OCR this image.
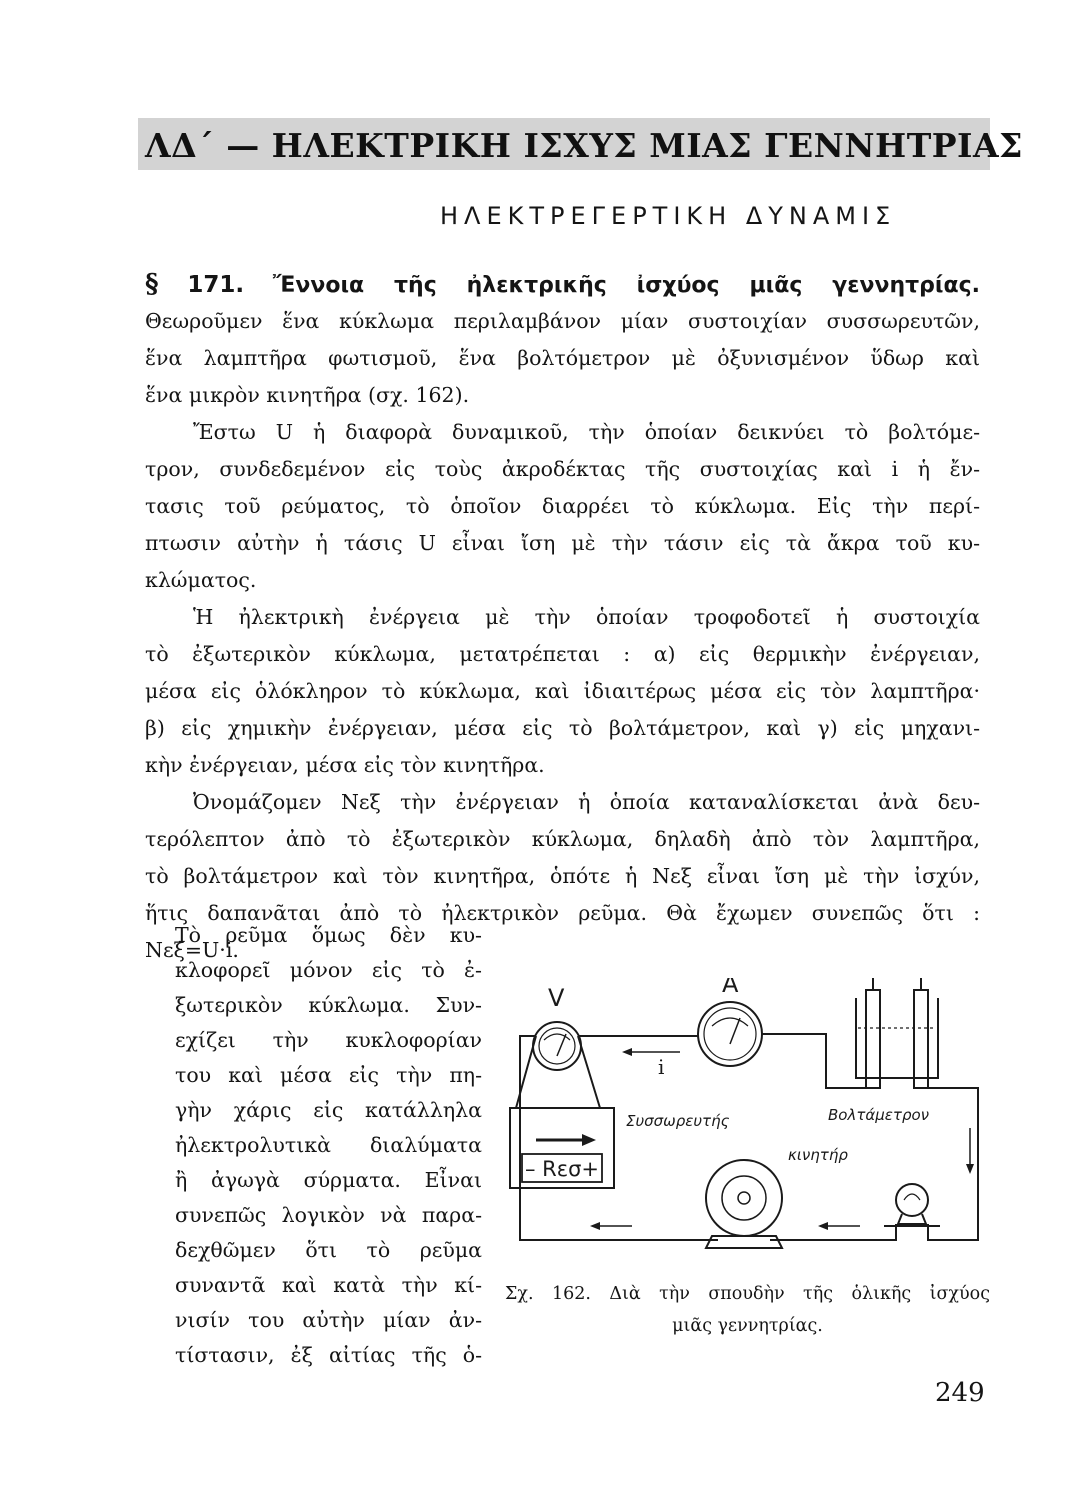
ΛΔ΄ — ΗΛΕΚΤΡΙΚΗ ΙΣΧΥΣ ΜΙΑΣ ΓΕΝΝΗΤΡΙΑΣ
ΗΛΕΚΤΡΕΓΕΡΤΙΚΗ ΔΥΝΑΜΙΣ
§ 171. Ἔννοια τῆς ἠλεκτρικῆς ἰσχύος μιᾶς γεννητρίας.
Θεωροῦμεν ἕνα κύκλωμα περιλαμβάνον μίαν συστοιχίαν συσσωρευτῶν,
ἕνα λαμπτῆρα φωτισμοῦ, ἕνα βολτόμετρον μὲ ὀξυνισμένον ὕδωρ καὶ
ἕνα μικρὸν κινητῆρα (σχ. 162).
Ἔστω U ἡ διαφορὰ δυναμικοῦ, τὴν ὁποίαν δεικνύει τὸ βολτόμε-
τρον, συνδεδεμένον εἰς τοὺς ἀκροδέκτας τῆς συστοιχίας καὶ i ἡ ἔν-
τασις τοῦ ρεύματος, τὸ ὁποῖον διαρρέει τὸ κύκλωμα. Εἰς τὴν περί-
πτωσιν αὐτὴν ἡ τάσις U εἶναι ἴση μὲ τὴν τάσιν εἰς τὰ ἄκρα τοῦ κυ-
κλώματος.
Ἡ ἠλεκτρικὴ ἐνέργεια μὲ τὴν ὁποίαν τροφοδοτεῖ ἡ συστοιχία
τὸ ἐξωτερικὸν κύκλωμα, μετατρέπεται : α) εἰς θερμικὴν ἐνέργειαν,
μέσα εἰς ὁλόκληρον τὸ κύκλωμα, καὶ ἰδιαιτέρως μέσα εἰς τὸν λαμπτῆρα·
β) εἰς χημικὴν ἐνέργειαν, μέσα εἰς τὸ βολτάμετρον, καὶ γ) εἰς μηχανι-
κὴν ἐνέργειαν, μέσα εἰς τὸν κινητῆρα.
Ὀνομάζομεν Νεξ τὴν ἐνέργειαν ἡ ὁποία καταναλίσκεται ἀνὰ δευ-
τερόλεπτον ἀπὸ τὸ ἐξωτερικὸν κύκλωμα, δηλαδὴ ἀπὸ τὸν λαμπτῆρα,
τὸ βολτάμετρον καὶ τὸν κινητῆρα, ὁπότε ἡ Νεξ εἶναι ἴση μὲ τὴν ἰσχύν,
ἥτις δαπανᾶται ἀπὸ τὸ ἠλεκτρικὸν ρεῦμα. Θὰ ἔχωμεν συνεπῶς ὅτι :
Νεξ=U·i.
Τὸ ρεῦμα ὅμως δὲν κυ-
κλοφορεῖ μόνον εἰς τὸ ἐ-
ξωτερικὸν κύκλωμα. Συν-
εχίζει τὴν κυκλοφορίαν
του καὶ μέσα εἰς τὴν πη-
γὴν χάρις εἰς κατάλληλα
ἠλεκτρολυτικὰ διαλύματα
ἢ ἀγωγὰ σύρματα. Εἶναι
συνεπῶς λογικὸν νὰ παρα-
δεχθῶμεν ὅτι τὸ ρεῦμα
συναντᾶ καὶ κατὰ τὴν κί-
νισίν του αὐτὴν μίαν ἀν-
τίστασιν, ἐξ αἰτίας τῆς ὁ-
V	A
i
– Rεσ+
Βολτάμετρον
Συσσωρευτής
κινητήρ
Σχ. 162. Διὰ τὴν σπουδὴν τῆς ὁλικῆς ἰσχύος
μιᾶς γεννητρίας.
249
